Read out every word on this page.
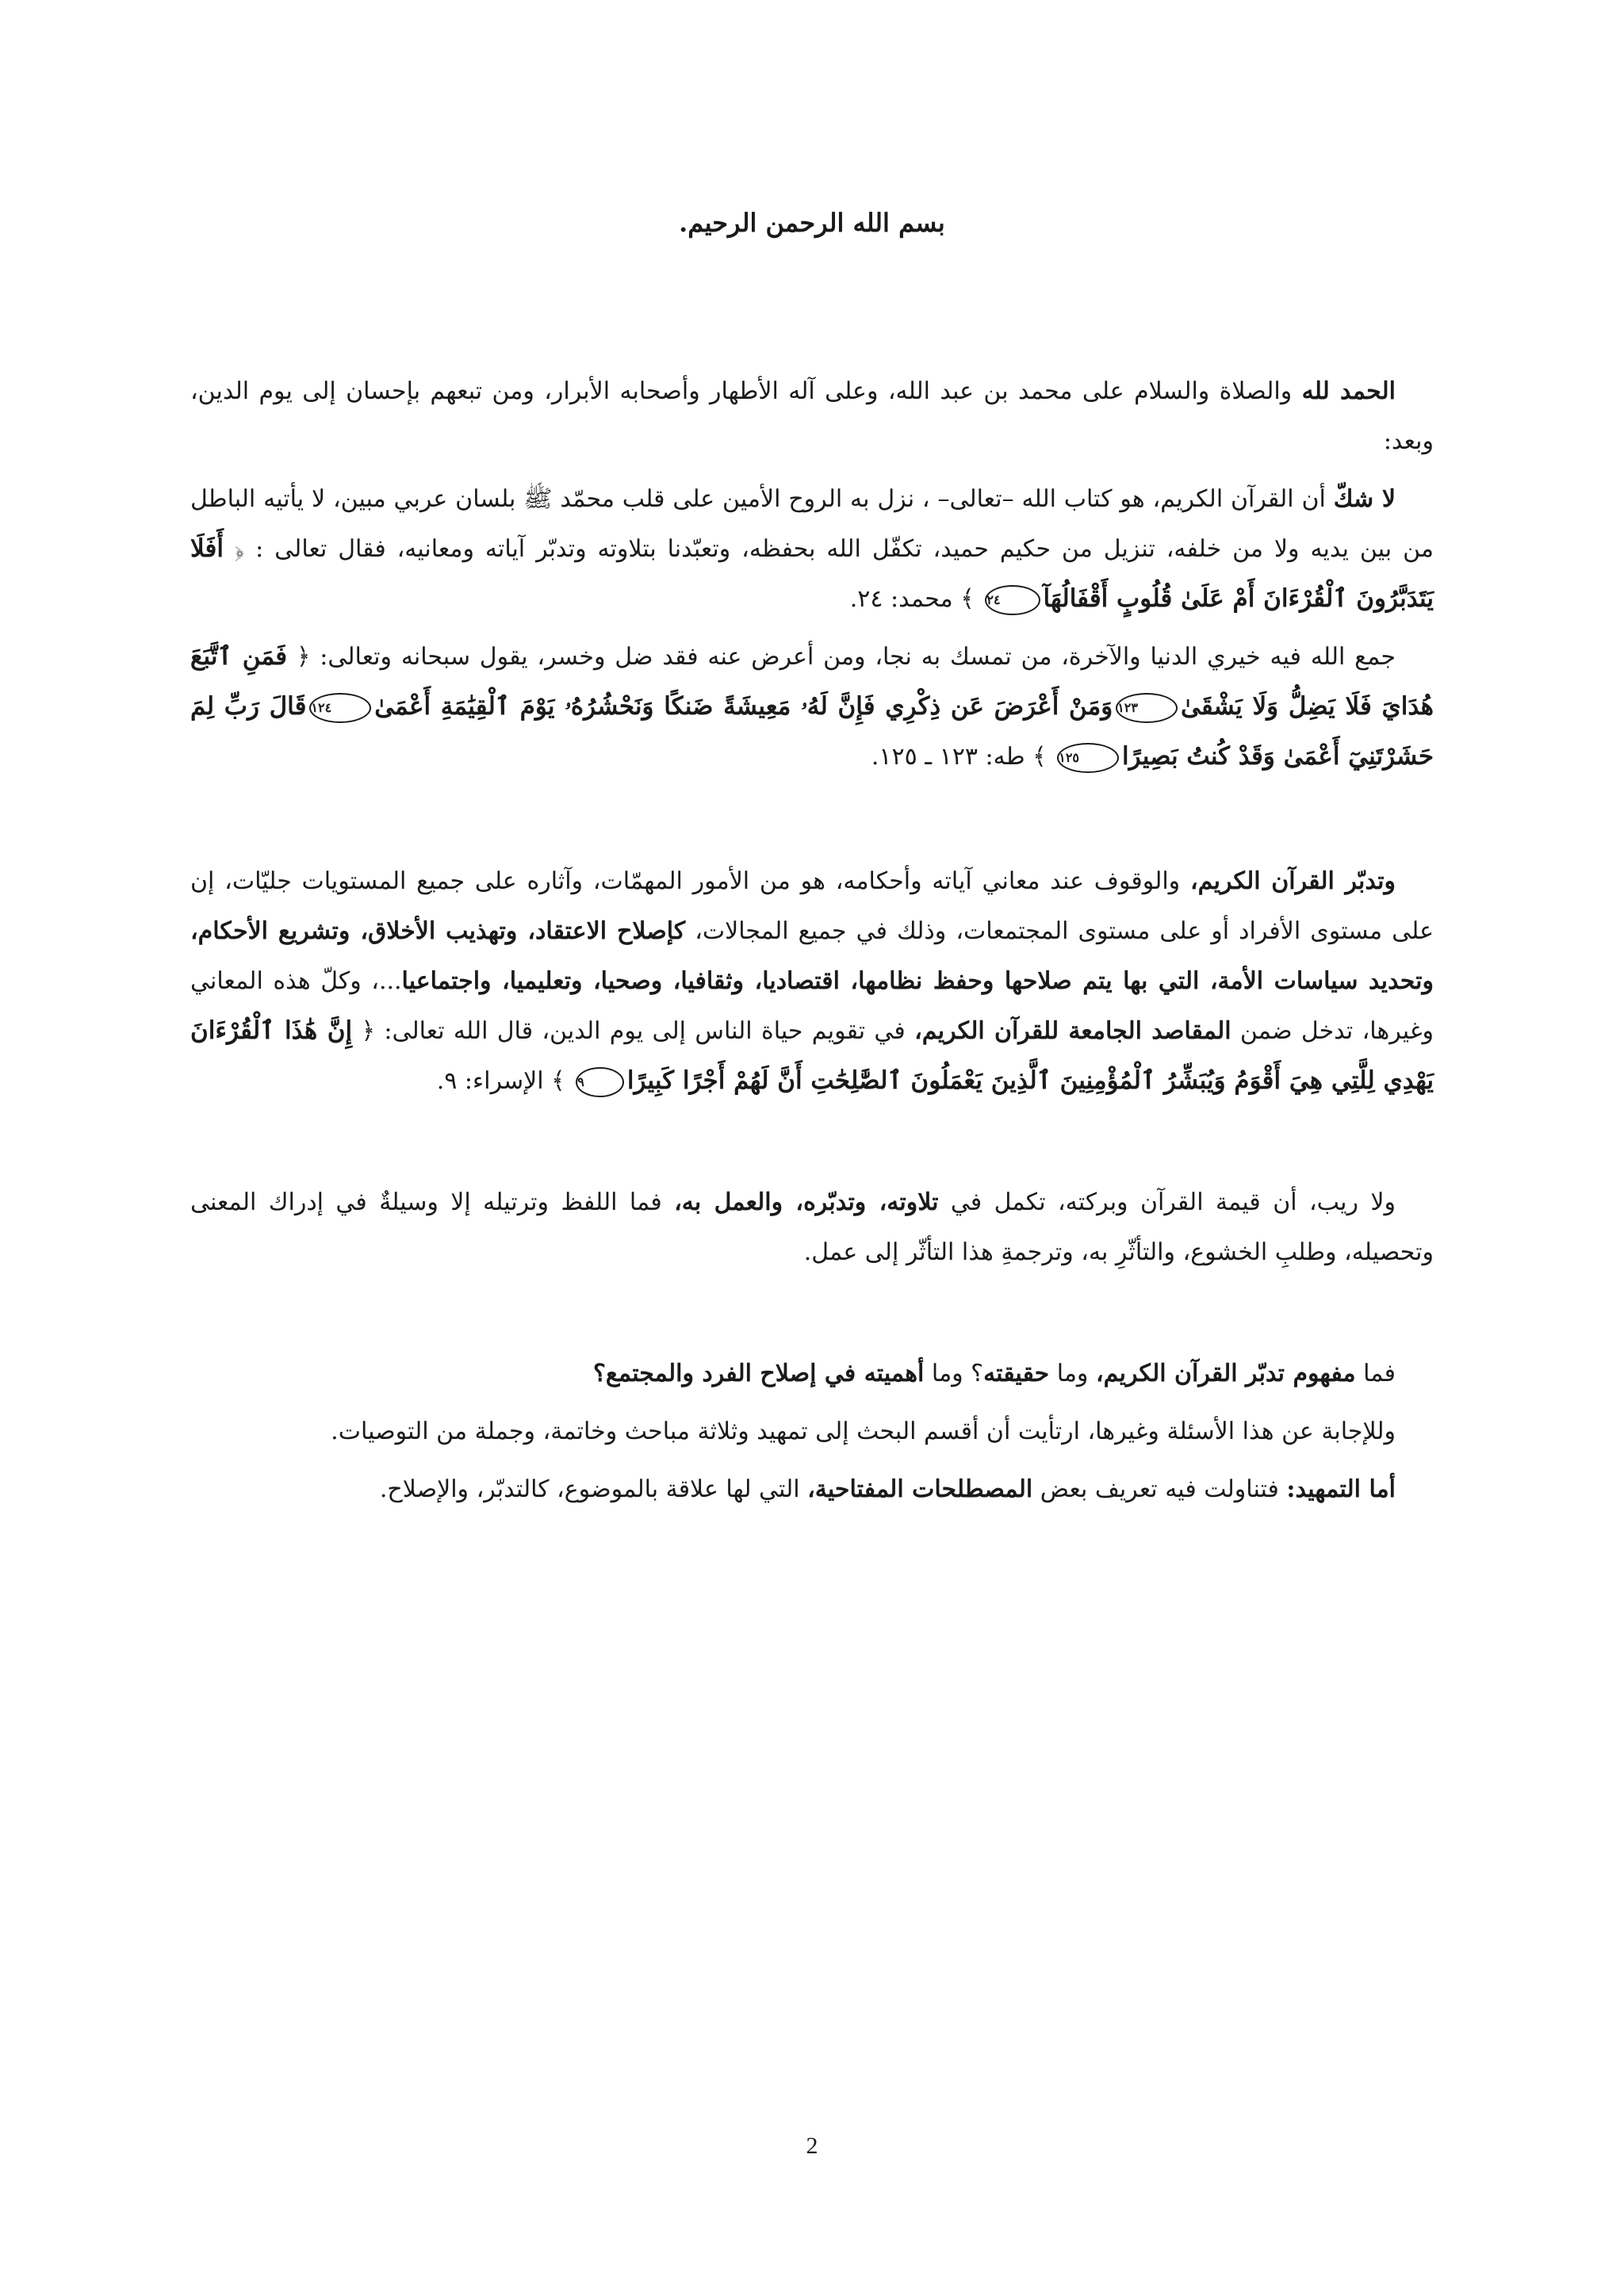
بسم الله الرحمن الرحيم.

الحمد لله والصلاة والسلام على محمد بن عبد الله، وعلى آله الأطهار وأصحابه الأبرار، ومن تبعهم بإحسان إلى يوم الدين، وبعد:

لا شكّ أن القرآن الكريم، هو كتاب الله –تعالى– ، نزل به الروح الأمين على قلب محمّد ﷺ بلسان عربي مبين، لا يأتيه الباطل من بين يديه ولا من خلفه، تنزيل من حكيم حميد، تكفّل الله بحفظه، وتعبّدنا بتلاوته وتدبّر آياته ومعانيه، فقال تعالى : ﴿ أَفَلَا يَتَدَبَّرُونَ ٱلْقُرْءَانَ أَمْ عَلَىٰ قُلُوبٍ أَقْفَالُهَآ٢٤ ﴾ محمد: ٢٤.

جمع الله فيه خيري الدنيا والآخرة، من تمسك به نجا، ومن أعرض عنه فقد ضل وخسر، يقول سبحانه وتعالى: ﴿ فَمَنِ ٱتَّبَعَ هُدَايَ فَلَا يَضِلُّ وَلَا يَشْقَىٰ١٢٣وَمَنْ أَعْرَضَ عَن ذِكْرِي فَإِنَّ لَهُۥ مَعِيشَةً ضَنكًا وَنَحْشُرُهُۥ يَوْمَ ٱلْقِيَٰمَةِ أَعْمَىٰ١٢٤قَالَ رَبِّ لِمَ حَشَرْتَنِيٓ أَعْمَىٰ وَقَدْ كُنتُ بَصِيرًا١٢٥ ﴾ طه: ١٢٣ ـ ١٢٥.

وتدبّر القرآن الكريم، والوقوف عند معاني آياته وأحكامه، هو من الأمور المهمّات، وآثاره على جميع المستويات جليّات، إن على مستوى الأفراد أو على مستوى المجتمعات، وذلك في جميع المجالات، كإصلاح الاعتقاد، وتهذيب الأخلاق، وتشريع الأحكام، وتحديد سياسات الأمة، التي بها يتم صلاحها وحفظ نظامها، اقتصاديا، وثقافيا، وصحيا، وتعليميا، واجتماعيا...، وكلّ هذه المعاني وغيرها، تدخل ضمن المقاصد الجامعة للقرآن الكريم، في تقويم حياة الناس إلى يوم الدين، قال الله تعالى: ﴿ إِنَّ هَٰذَا ٱلْقُرْءَانَ يَهْدِي لِلَّتِي هِيَ أَقْوَمُ وَيُبَشِّرُ ٱلْمُؤْمِنِينَ ٱلَّذِينَ يَعْمَلُونَ ٱلصَّٰلِحَٰتِ أَنَّ لَهُمْ أَجْرًا كَبِيرًا٩ ﴾ الإسراء: ٩.

ولا ريب، أن قيمة القرآن وبركته، تكمل في تلاوته، وتدبّره، والعمل به، فما اللفظ وترتيله إلا وسيلةٌ في إدراك المعنى وتحصيله، وطلبِ الخشوع، والتأثّرِ به، وترجمةِ هذا التأثّر إلى عمل.

فما مفهوم تدبّر القرآن الكريم، وما حقيقته؟ وما أهميته في إصلاح الفرد والمجتمع؟

وللإجابة عن هذا الأسئلة وغيرها، ارتأيت أن أقسم البحث إلى تمهيد وثلاثة مباحث وخاتمة، وجملة من التوصيات.

أما التمهيد: فتناولت فيه تعريف بعض المصطلحات المفتاحية، التي لها علاقة بالموضوع، كالتدبّر، والإصلاح.

2
